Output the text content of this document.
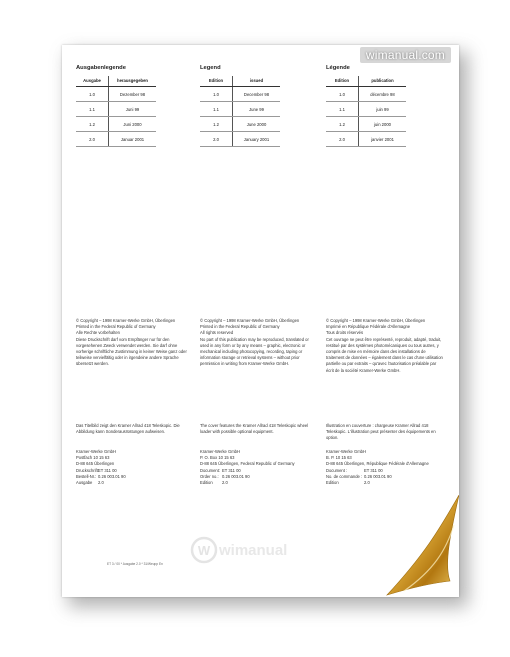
wimanual.com
Ausgabenlegende
Ausgabe	herausgegeben
1.0	Dezember 98
1.1	Juni 99
1.2	Juni 2000
2.0	Januar 2001
Legend
Edition	issued
1.0	December 98
1.1	June 99
1.2	June 2000
2.0	January 2001
Légende
Edition	publication
1.0	décembre 98
1.1	juin 99
1.2	juin 2000
2.0	janvier 2001

© Copyright – 1998 Kramer-Werke GmbH, Überlingen

Printed in the Federal Republic of Germany

Alle Rechte vorbehalten

Diese Druckschrift darf vom Empfänger nur für den vorgesehenen Zweck verwendet werden. Sie darf ohne vorherige schriftliche Zustimmung in keiner Weise ganz oder teilweise vervielfältig oder in irgendeine andere Sprache übersetzt werden.

© Copyright – 1998 Kramer-Werke GmbH, Überlingen

Printed in the Federal Republic of Germany

All rights reserved

No part of this publication may be reproduced, translated or used in any form or by any means – graphic, electronic or mechanical including photocopying, recording, taping or information storage or retrieval systems – without prior permission in writing from Kramer-Werke GmbH.

© Copyright – 1998 Kramer-Werke GmbH, Überlingen

Imprimé en République Fédérale d'Allemagne

Tous droits réservés

Cet ouvrage ne peut être représenté, reproduit, adapté, traduit, restitué par des systèmes photomécaniques ou tous autres, y compris de mise en mémoire dans des installations de traitement de données – également dans le cas d'une utilisation partielle ou par extraits – qu'avec l'autorisation préalable par écrit de la société Kramer-Werke GmbH.

Das Titelbild zeigt den Kramer Allrad 418 Teleskopic. Die Abbildung kann Sonderausrüstungen aufweisen.
The cover features the Kramer Allrad 418 Teleskopic wheel loader with possible optional equipment.
Illustration en couverture : chargeuse Kramer Allrad 418 Teleskopic. L'illustration peut présenter des équipements en option.

Kramer-Werke GmbH

Postfach 10 15 63

D-88 645 Überlingen

Druckschrift:
ET 311 00
Bestell-Nr.: 0.26 003.01 90
Ausgabe	2.0

Kramer-Werke GmbH

P. O. Box 10 15 63

D-88 645 Überlingen, Federal Republic of Germany

Document: ET 311 00
Order no.: 0.26 003.01 90
Edition	2.0

Kramer-Werke GmbH

B. P. 10 15 63

D-88 645 Überlingen, République Fédérale d'Allemagne

Document :	ET 311 00
No. de commande : 0.26 003.01 90
Edition	2.0
ET 3 / 00 * Ausgabe 2.0 * 31/Weupp En
W wimanual
